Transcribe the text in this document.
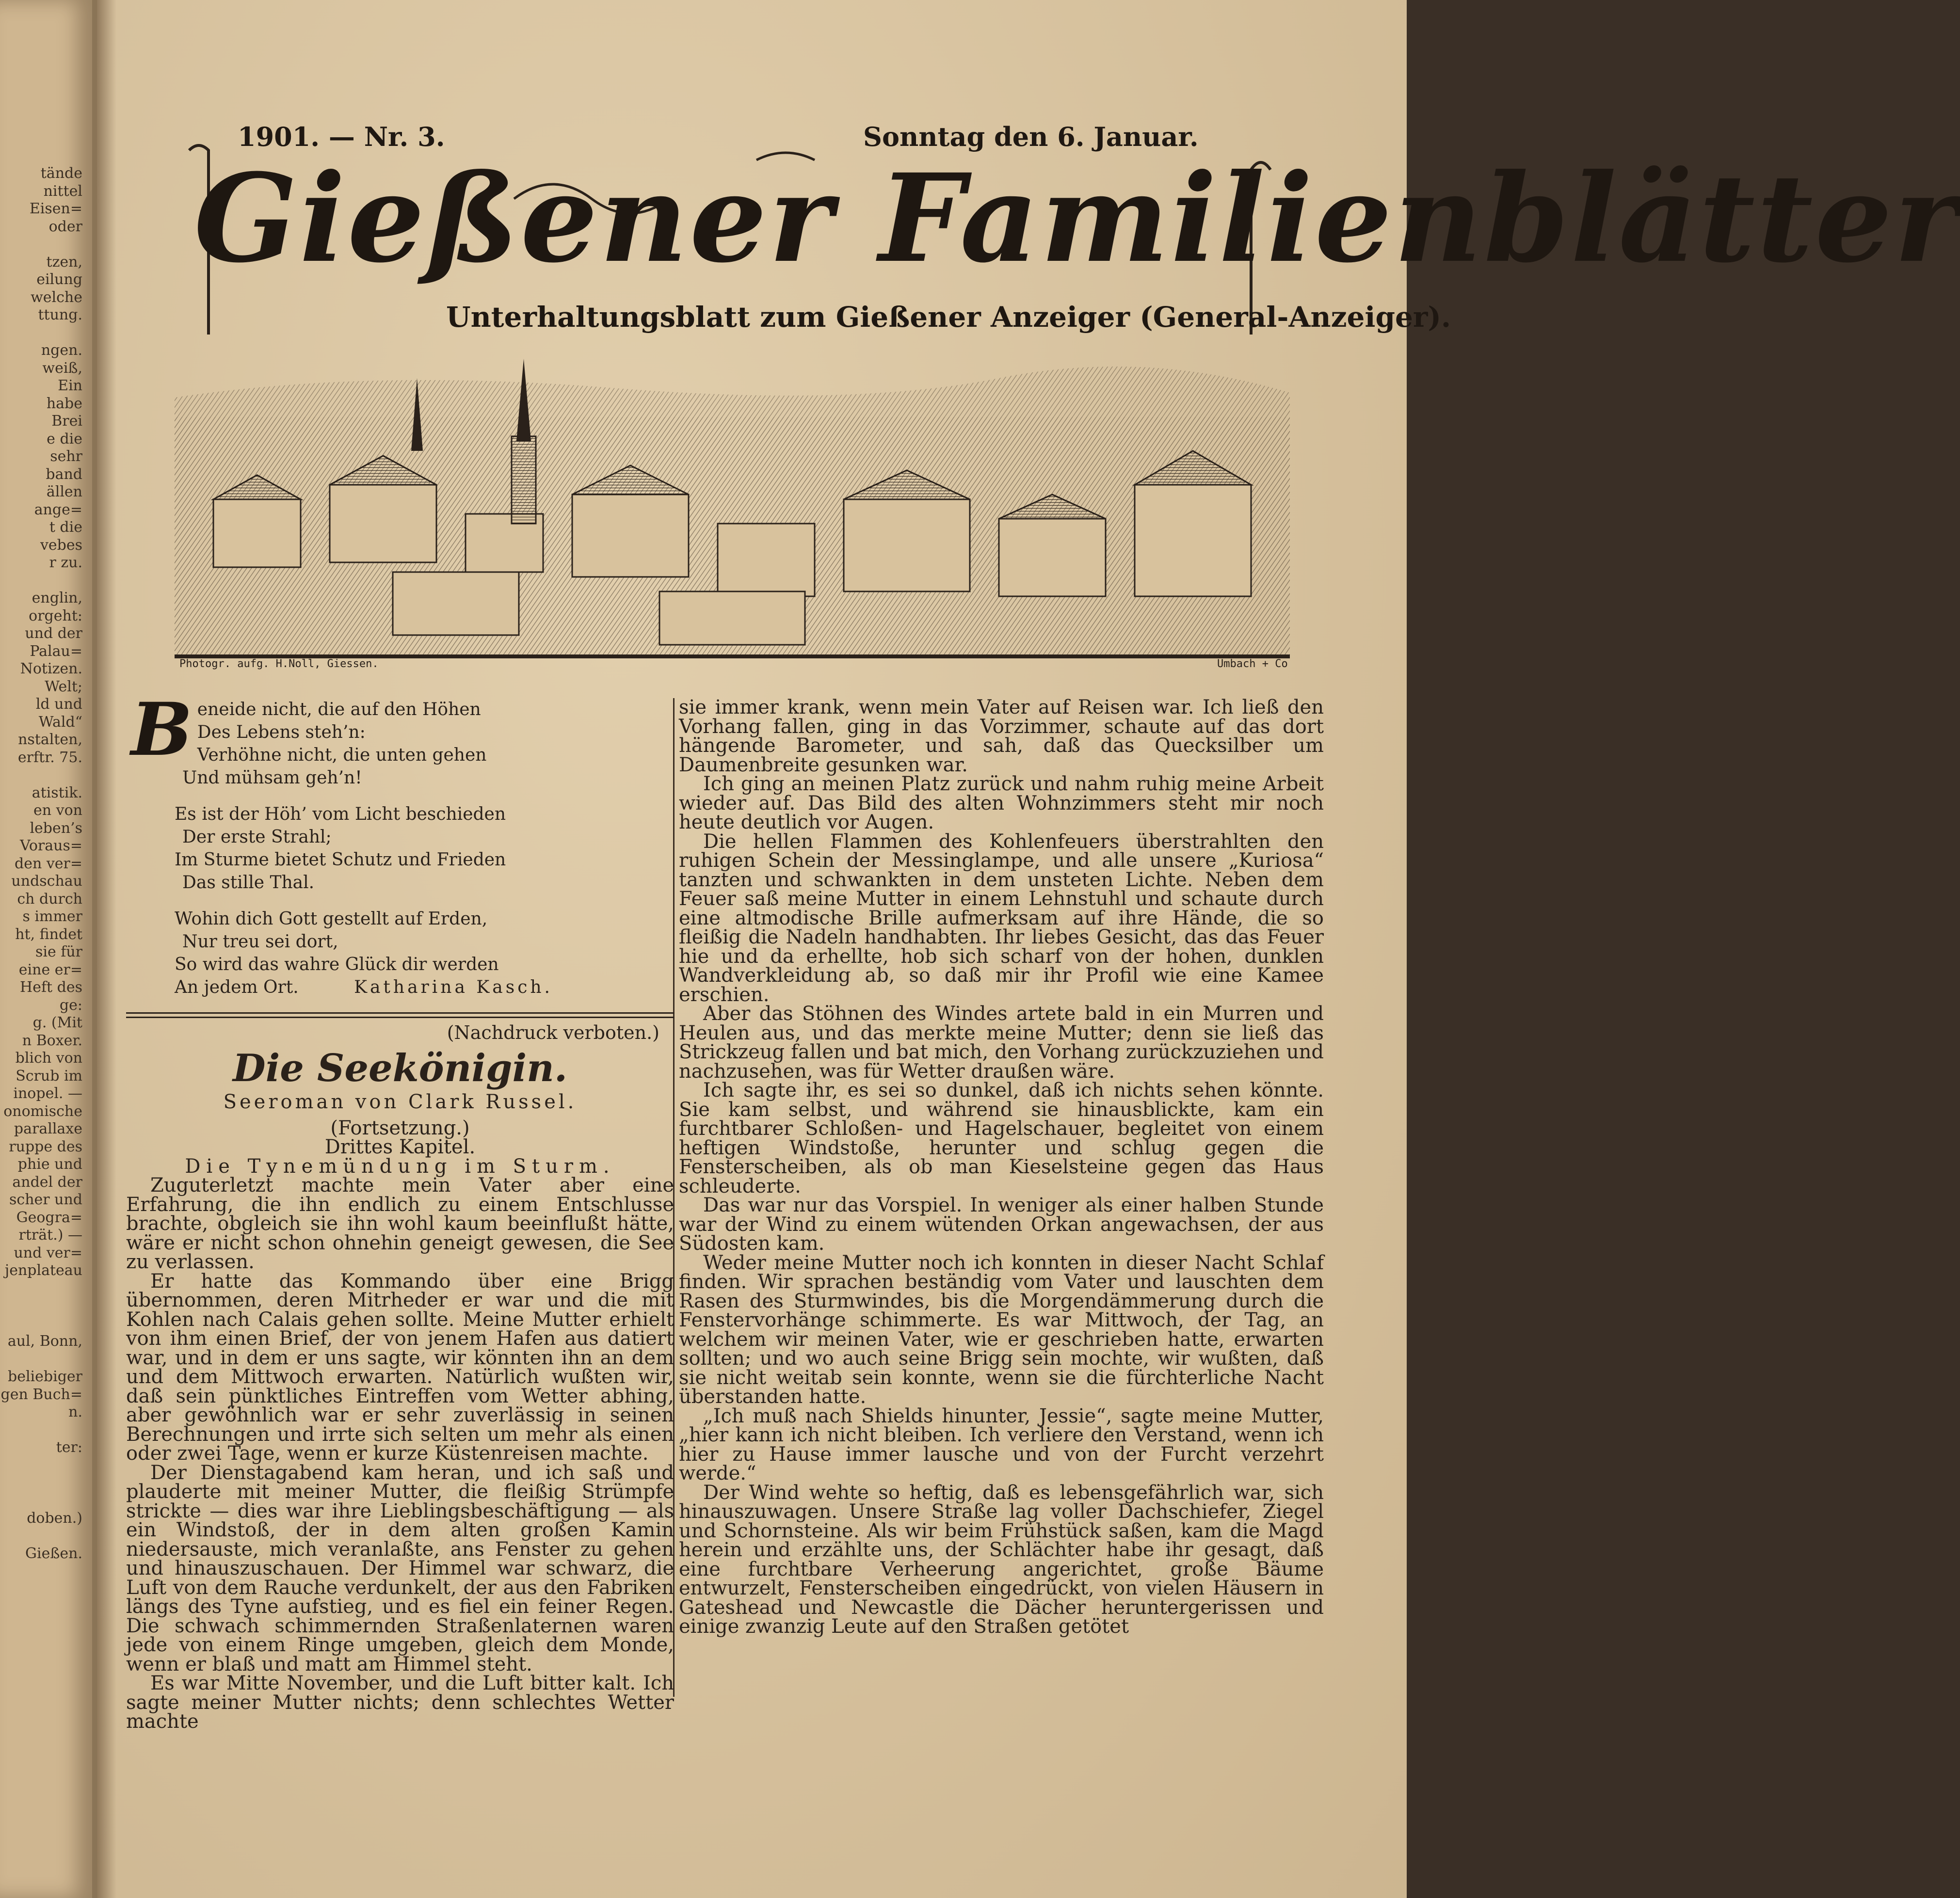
tände
nittel
Eisen=
oder
tzen,
eilung
welche
ttung.
ngen.
weiß,
Ein
habe
Brei
e die
sehr
band
ällen
ange=
t die
vebes
r zu.
englin,
orgeht:
und der
Palau=
Notizen.
Welt;
ld und
Wald“
nstalten,
erftr. 75.
atistik.
en von
leben’s
Voraus=
den ver=
undschau
ch durch
s immer
ht, findet
sie für
eine er=
Heft des
ge:
g. (Mit
n Boxer.
blich von
Scrub im
inopel. —
onomische
parallaxe
ruppe des
phie und
andel der
scher und
Geogra=
rträt.) —
und ver=
jenplateau
aul, Bonn,
beliebiger
gen Buch=
n.
ter:
doben.)
Gießen.
1901. — Nr. 3.	Sonntag den 6. Januar.
Gießener Familienblätter
Unterhaltungsblatt zum Gießener Anzeiger (General-Anzeiger).
Photogr. aufg. H.Noll, Giessen.	Umbach + Co
B eneide nicht, die auf den Höhen
Des Lebens steh’n:
Verhöhne nicht, die unten gehen
Und mühsam geh’n!
Es ist der Höh’ vom Licht beschieden
Der erste Strahl;
Im Sturme bietet Schutz und Frieden
Das stille Thal.
Wohin dich Gott gestellt auf Erden,
Nur treu sei dort,
So wird das wahre Glück dir werden
An jedem Ort.	Katharina Kasch.
(Nachdruck verboten.)
Die Seekönigin.
Seeroman von Clark Russel.
(Fortsetzung.)
Drittes Kapitel.
Die Tynemündung im Sturm.

Zuguterletzt machte mein Vater aber eine Erfahrung, die ihn endlich zu einem Entschlusse brachte, obgleich sie ihn wohl kaum beeinflußt hätte, wäre er nicht schon ohnehin geneigt gewesen, die See zu verlassen.

Er hatte das Kommando über eine Brigg übernommen, deren Mitrheder er war und die mit Kohlen nach Calais gehen sollte. Meine Mutter erhielt von ihm einen Brief, der von jenem Hafen aus datiert war, und in dem er uns sagte, wir könnten ihn an dem und dem Mittwoch erwarten. Natürlich wußten wir, daß sein pünktliches Eintreffen vom Wetter abhing, aber gewöhnlich war er sehr zuverlässig in seinen Berechnungen und irrte sich selten um mehr als einen oder zwei Tage, wenn er kurze Küstenreisen machte.

Der Dienstagabend kam heran, und ich saß und plauderte mit meiner Mutter, die fleißig Strümpfe strickte — dies war ihre Lieblingsbeschäftigung — als ein Windstoß, der in dem alten großen Kamin niedersauste, mich veranlaßte, ans Fenster zu gehen und hinauszuschauen. Der Himmel war schwarz, die Luft von dem Rauche verdunkelt, der aus den Fabriken längs des Tyne aufstieg, und es fiel ein feiner Regen. Die schwach schimmernden Straßenlaternen waren jede von einem Ringe umgeben, gleich dem Monde, wenn er blaß und matt am Himmel steht.

Es war Mitte November, und die Luft bitter kalt. Ich sagte meiner Mutter nichts; denn schlechtes Wetter machte

sie immer krank, wenn mein Vater auf Reisen war. Ich ließ den Vorhang fallen, ging in das Vorzimmer, schaute auf das dort hängende Barometer, und sah, daß das Quecksilber um Daumenbreite gesunken war.

Ich ging an meinen Platz zurück und nahm ruhig meine Arbeit wieder auf. Das Bild des alten Wohnzimmers steht mir noch heute deutlich vor Augen.

Die hellen Flammen des Kohlenfeuers überstrahlten den ruhigen Schein der Messinglampe, und alle unsere „Kuriosa“ tanzten und schwankten in dem unsteten Lichte. Neben dem Feuer saß meine Mutter in einem Lehnstuhl und schaute durch eine altmodische Brille aufmerksam auf ihre Hände, die so fleißig die Nadeln handhabten. Ihr liebes Gesicht, das das Feuer hie und da erhellte, hob sich scharf von der hohen, dunklen Wandverkleidung ab, so daß mir ihr Profil wie eine Kamee erschien.

Aber das Stöhnen des Windes artete bald in ein Murren und Heulen aus, und das merkte meine Mutter; denn sie ließ das Strickzeug fallen und bat mich, den Vorhang zurückzuziehen und nachzusehen, was für Wetter draußen wäre.

Ich sagte ihr, es sei so dunkel, daß ich nichts sehen könnte. Sie kam selbst, und während sie hinausblickte, kam ein furchtbarer Schloßen- und Hagelschauer, begleitet von einem heftigen Windstoße, herunter und schlug gegen die Fensterscheiben, als ob man Kieselsteine gegen das Haus schleuderte.

Das war nur das Vorspiel. In weniger als einer halben Stunde war der Wind zu einem wütenden Orkan angewachsen, der aus Südosten kam.

Weder meine Mutter noch ich konnten in dieser Nacht Schlaf finden. Wir sprachen beständig vom Vater und lauschten dem Rasen des Sturmwindes, bis die Morgendämmerung durch die Fenstervorhänge schimmerte. Es war Mittwoch, der Tag, an welchem wir meinen Vater, wie er geschrieben hatte, erwarten sollten; und wo auch seine Brigg sein mochte, wir wußten, daß sie nicht weitab sein konnte, wenn sie die fürchterliche Nacht überstanden hatte.

„Ich muß nach Shields hinunter, Jessie“, sagte meine Mutter, „hier kann ich nicht bleiben. Ich verliere den Verstand, wenn ich hier zu Hause immer lausche und von der Furcht verzehrt werde.“

Der Wind wehte so heftig, daß es lebensgefährlich war, sich hinauszuwagen. Unsere Straße lag voller Dachschiefer, Ziegel und Schornsteine. Als wir beim Frühstück saßen, kam die Magd herein und erzählte uns, der Schlächter habe ihr gesagt, daß eine furchtbare Verheerung angerichtet, große Bäume entwurzelt, Fensterscheiben eingedrückt, von vielen Häusern in Gateshead und Newcastle die Dächer heruntergerissen und einige zwanzig Leute auf den Straßen getötet
